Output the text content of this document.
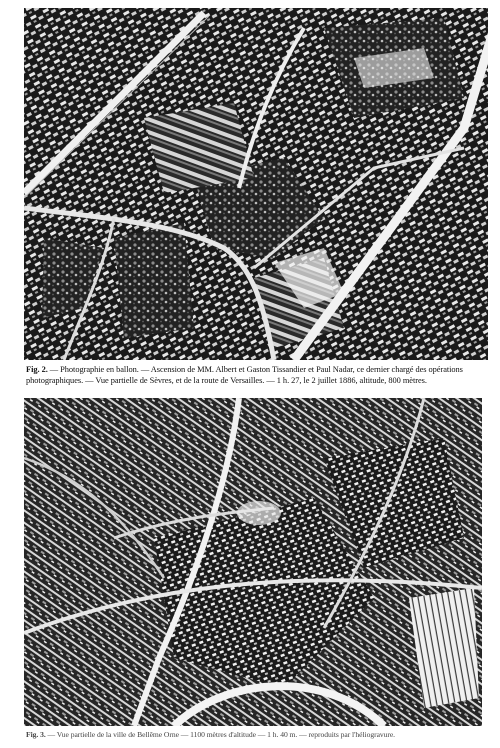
Fig. 2. — Photographie en ballon. — Ascension de MM. Albert et Gaston Tissandier et Paul Nadar, ce dernier chargé des opérations photographiques. — Vue partielle de Sèvres, et de la route de Versailles. — 1 h. 27, le 2 juillet 1886, altitude, 800 mètres.
Fig. 3. — Vue partielle de la ville de Bellême Orne — 1100 mètres d'altitude — 1 h. 40 m. — reproduits par l'héliogravure.
